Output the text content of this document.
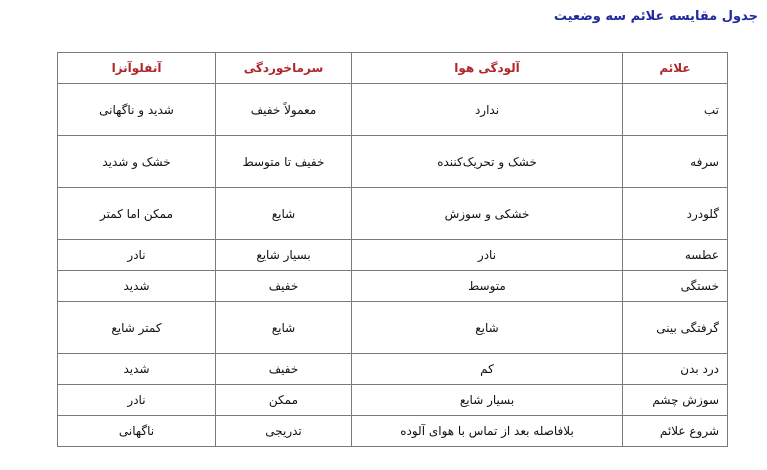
جدول مقایسه علائم سه وضعیت
علائم	آلودگی هوا	سرماخوردگی	آنفلوآنزا
تب	ندارد	معمولاً خفیف	شدید و ناگهانی
سرفه	خشک و تحریک‌کننده	خفیف تا متوسط	خشک و شدید
گلودرد	خشکی و سوزش	شایع	ممکن اما کمتر
عطسه	نادر	بسیار شایع	نادر
خستگی	متوسط	خفیف	شدید
گرفتگی بینی	شایع	شایع	کمتر شایع
درد بدن	کم	خفیف	شدید
سوزش چشم	بسیار شایع	ممکن	نادر
شروع علائم	بلافاصله بعد از تماس با هوای آلوده	تدریجی	ناگهانی
